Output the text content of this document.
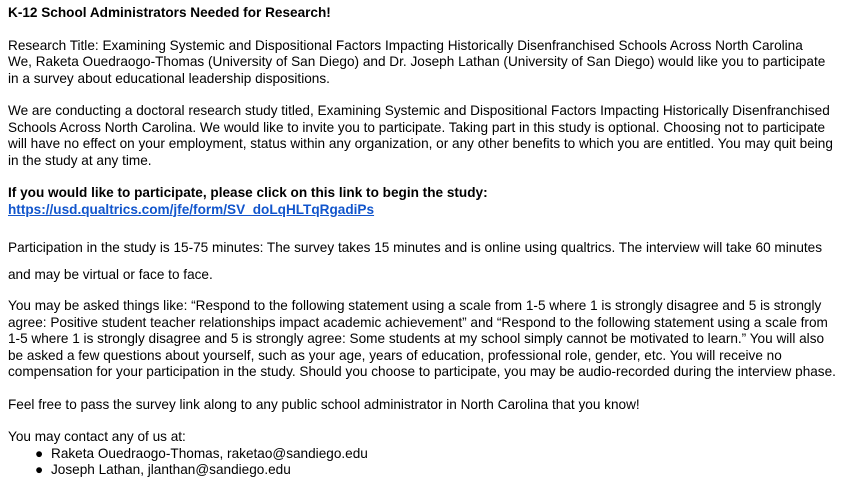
K-12 School Administrators Needed for Research!

Research Title: Examining Systemic and Dispositional Factors Impacting Historically Disenfranchised Schools Across North Carolina

We, Raketa Ouedraogo-Thomas (University of San Diego) and Dr. Joseph Lathan (University of San Diego) would like you to participate in a survey about educational leadership dispositions.

We are conducting a doctoral research study titled, Examining Systemic and Dispositional Factors Impacting Historically Disenfranchised Schools Across North Carolina. We would like to invite you to participate. Taking part in this study is optional. Choosing not to participate will have no effect on your employment, status within any organization, or any other benefits to which you are entitled. You may quit being in the study at any time.

If you would like to participate, please click on this link to begin the study:

https://usd.qualtrics.com/jfe/form/SV_doLqHLTqRgadiPs

Participation in the study is 15-75 minutes: The survey takes 15 minutes and is online using qualtrics. The interview will take 60 minutes and may be virtual or face to face.

You may be asked things like: “Respond to the following statement using a scale from 1-5 where 1 is strongly disagree and 5 is strongly agree: Positive student teacher relationships impact academic achievement” and “Respond to the following statement using a scale from 1-5 where 1 is strongly disagree and 5 is strongly agree: Some students at my school simply cannot be motivated to learn.” You will also be asked a few questions about yourself, such as your age, years of education, professional role, gender, etc. You will receive no compensation for your participation in the study. Should you choose to participate, you may be audio-recorded during the interview phase.

Feel free to pass the survey link along to any public school administrator in North Carolina that you know!

You may contact any of us at:

● Raketa Ouedraogo-Thomas, raketao@sandiego.edu
● Joseph Lathan, jlanthan@sandiego.edu
